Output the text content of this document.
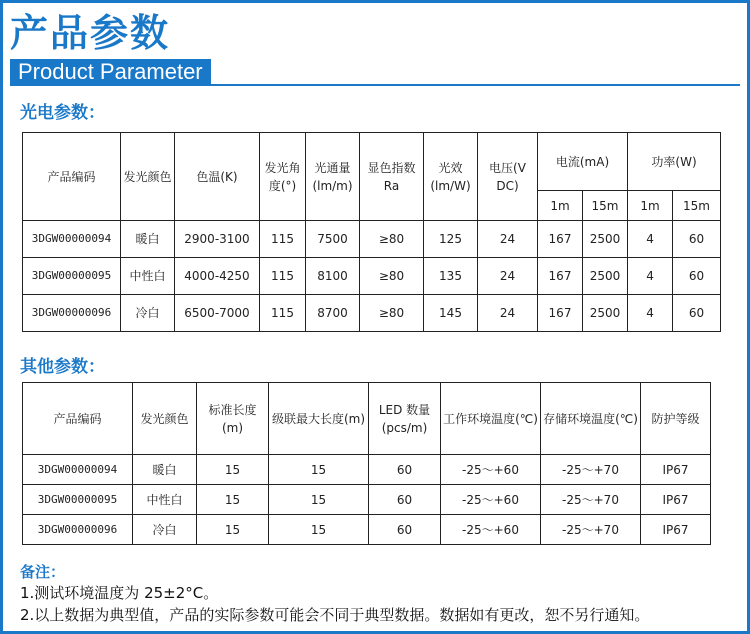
产品参数
Product Parameter
光电参数：
产品编码	发光颜色	色温(K)	发光角度(°)	光通量(lm/m)	显色指数Ra	光效(lm/W)	电压(V DC)	电流(mA)		功率(W)	
								1m	15m	1m	15m
3DGW00000094	暖白	2900-3100	115	7500	≥80	125	24	167	2500	4	60
3DGW00000095	中性白	4000-4250	115	8100	≥80	135	24	167	2500	4	60
3DGW00000096	冷白	6500-7000	115	8700	≥80	145	24	167	2500	4	60
其他参数：
产品编码	发光颜色	标准长度(m)	级联最大长度(m)	LED 数量(pcs/m)	工作环境温度(℃)	存储环境温度(℃)	防护等级
3DGW00000094	暖白	15	15	60	-25～+60	-25～+70	IP67
3DGW00000095	中性白	15	15	60	-25～+60	-25～+70	IP67
3DGW00000096	冷白	15	15	60	-25～+60	-25～+70	IP67
备注：
1.测试环境温度为 25±2°C。
2.以上数据为典型值，产品的实际参数可能会不同于典型数据。数据如有更改，恕不另行通知。
